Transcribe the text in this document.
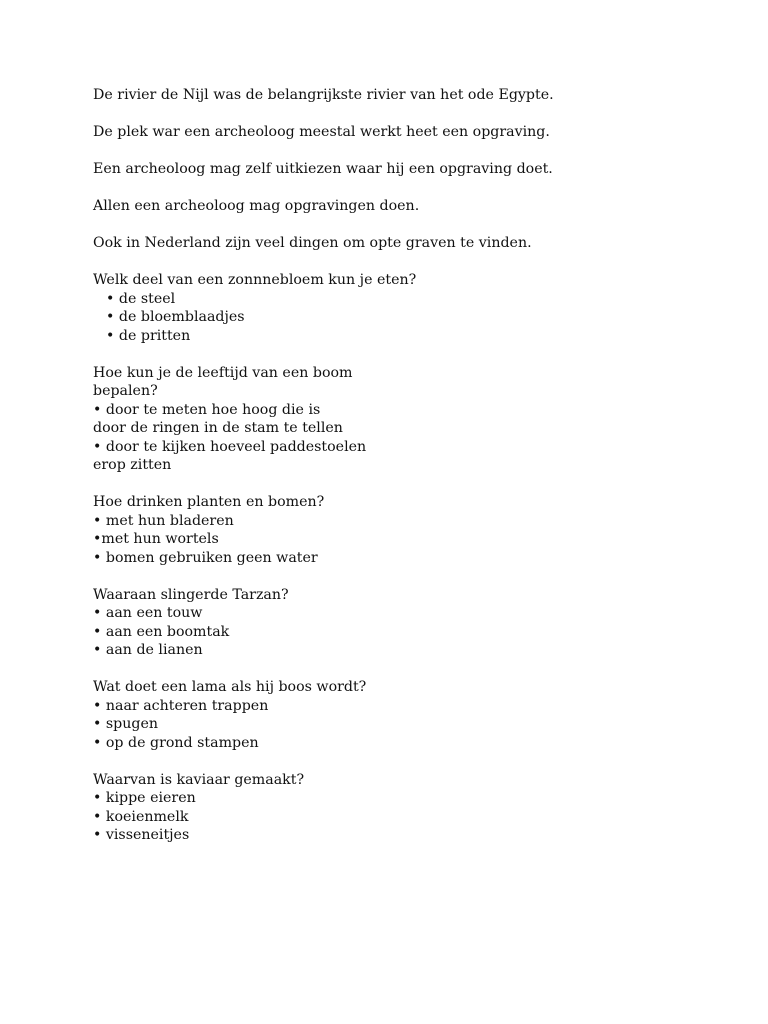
De rivier de Nijl was de belangrijkste rivier van het ode Egypte.

De plek war een archeoloog meestal werkt heet een opgraving.

Een archeoloog mag zelf uitkiezen waar hij een opgraving doet.

Allen een archeoloog mag opgravingen doen.

Ook in Nederland zijn veel dingen om opte graven te vinden.

Welk deel van een zonnnebloem kun je eten?

• de steel

• de bloemblaadjes

• de pritten

Hoe kun je de leeftijd van een boom

bepalen?

• door te meten hoe hoog die is

door de ringen in de stam te tellen

• door te kijken hoeveel paddestoelen

erop zitten

Hoe drinken planten en bomen?

• met hun bladeren

•met hun wortels

• bomen gebruiken geen water

Waaraan slingerde Tarzan?

• aan een touw

• aan een boomtak

• aan de lianen

Wat doet een lama als hij boos wordt?

• naar achteren trappen

• spugen

• op de grond stampen

Waarvan is kaviaar gemaakt?

• kippe eieren

• koeienmelk

• visseneitjes
